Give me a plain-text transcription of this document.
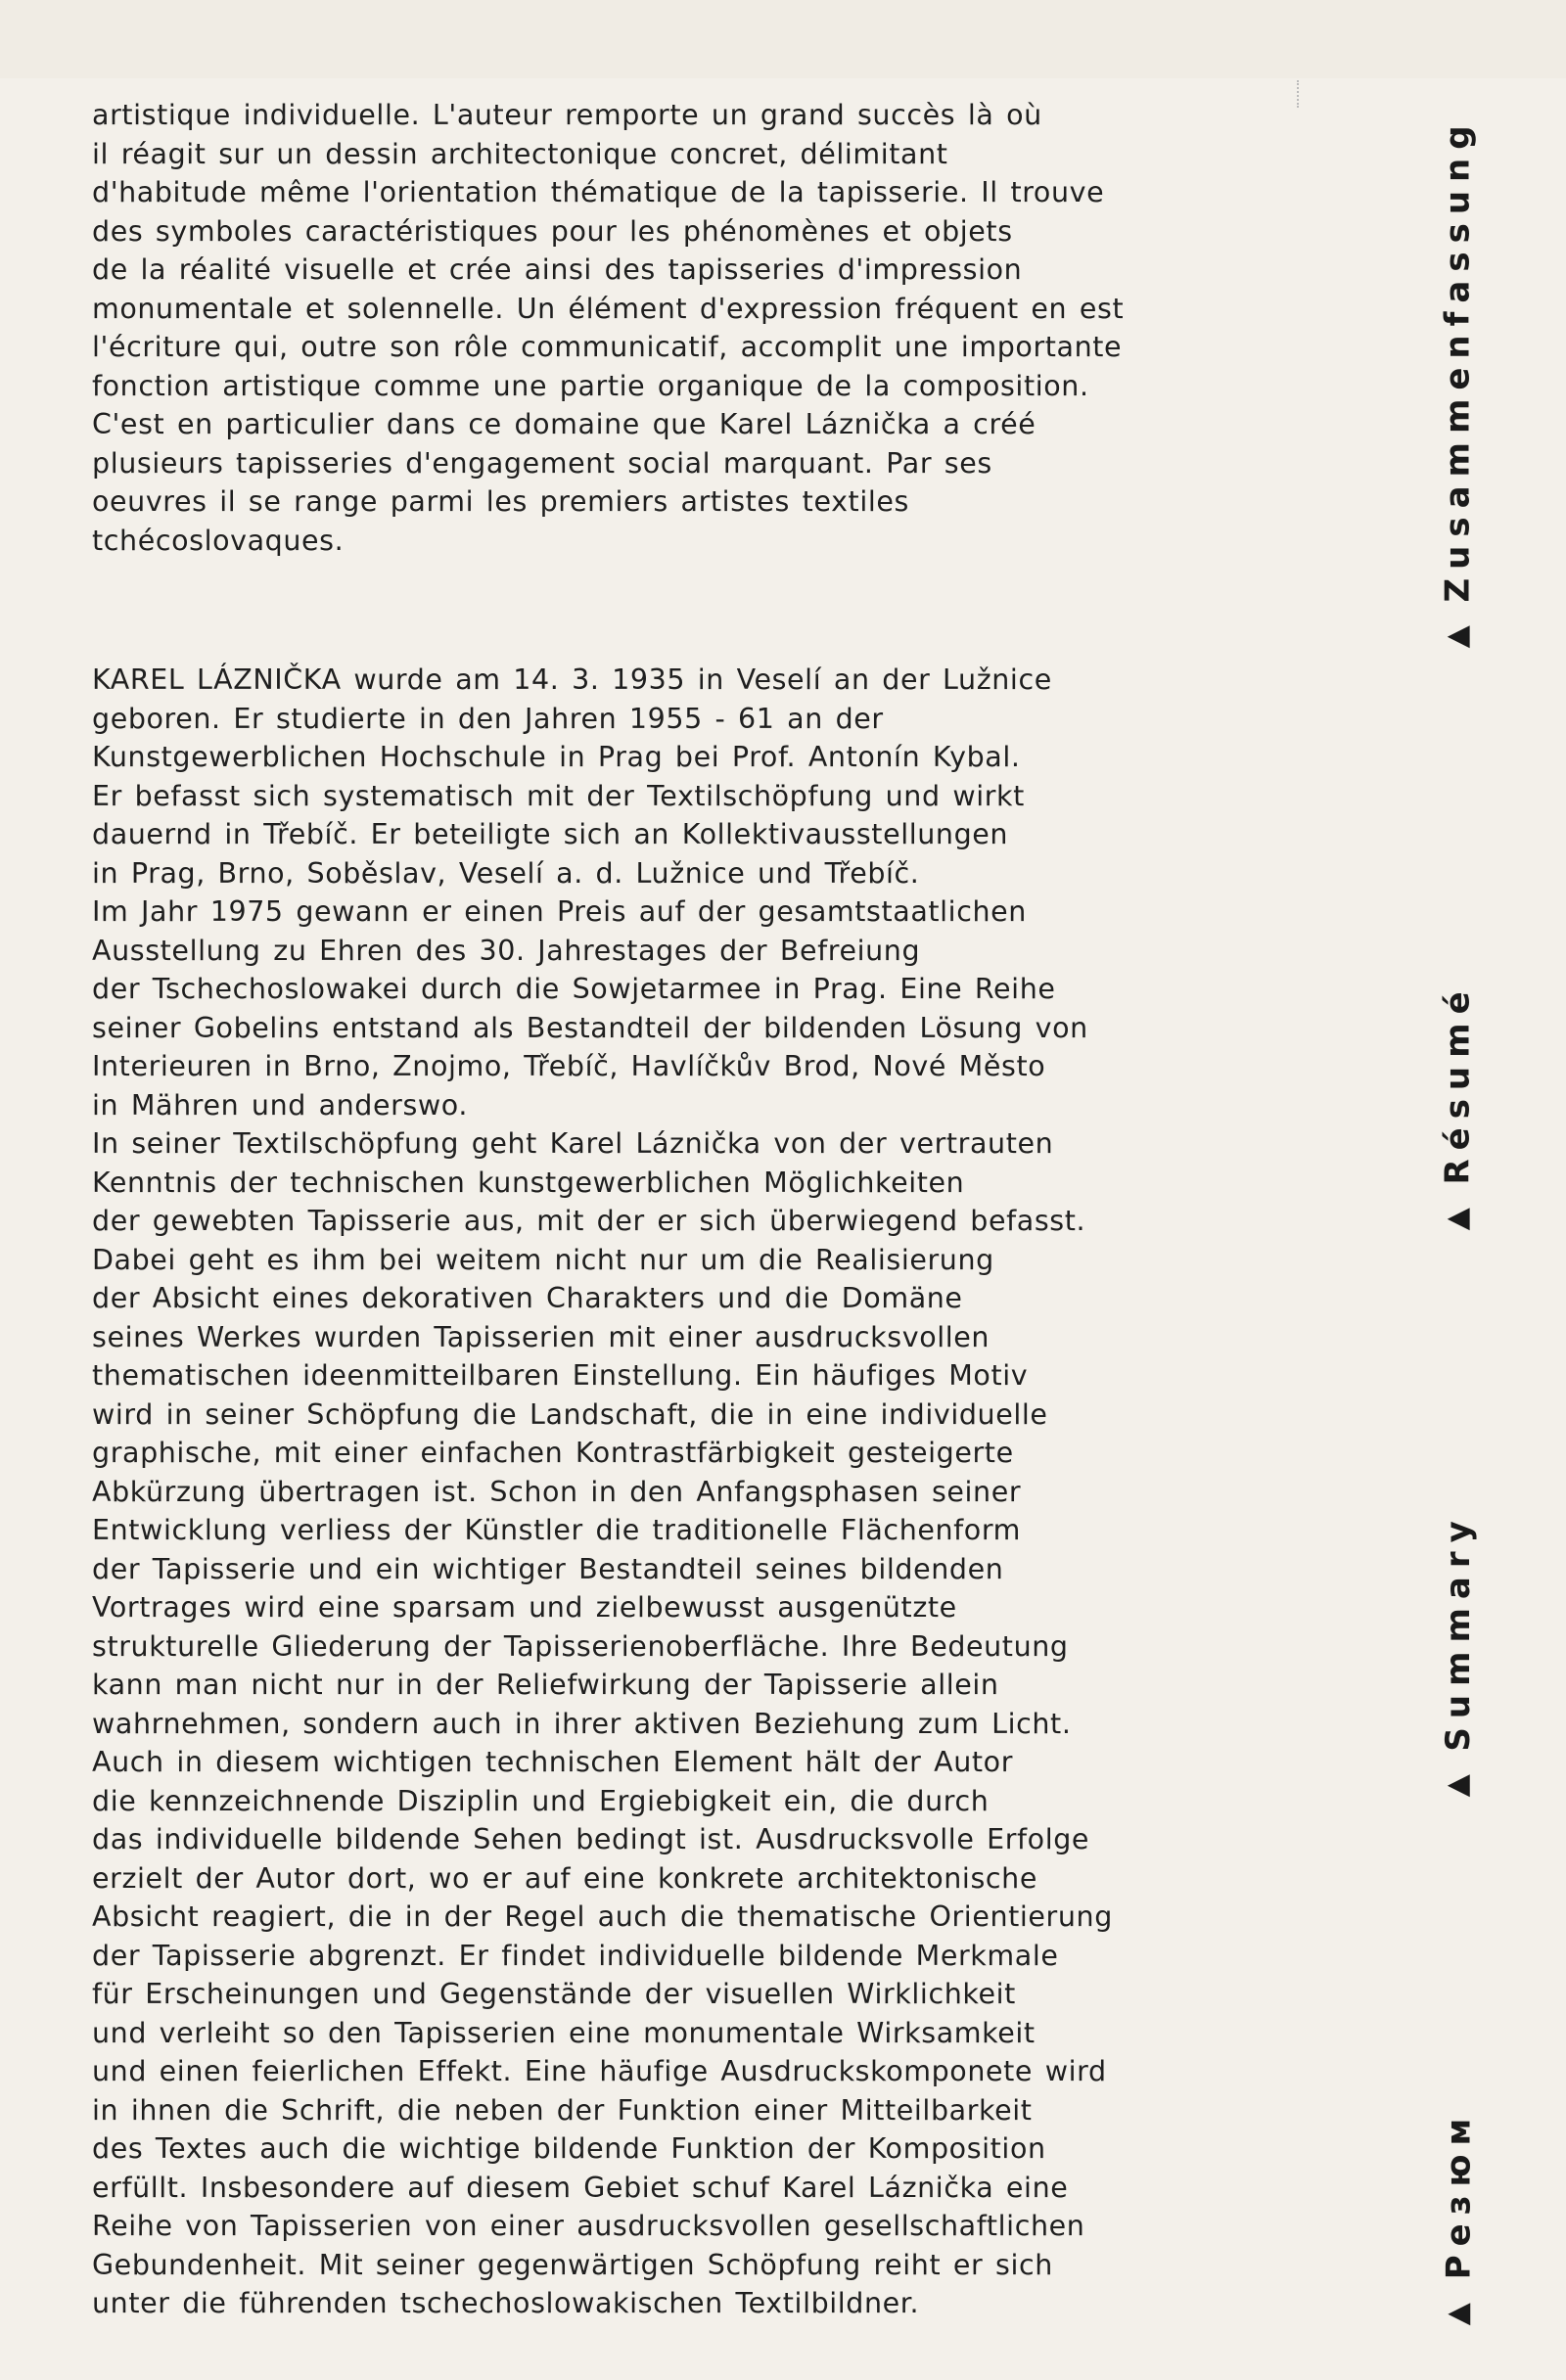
artistique individuelle. L'auteur remporte un grand succès là où
il réagit sur un dessin architectonique concret, délimitant
d'habitude même l'orientation thématique de la tapisserie. Il trouve
des symboles caractéristiques pour les phénomènes et objets
de la réalité visuelle et crée ainsi des tapisseries d'impression
monumentale et solennelle. Un élément d'expression fréquent en est
l'écriture qui, outre son rôle communicatif, accomplit une importante
fonction artistique comme une partie organique de la composition.
C'est en particulier dans ce domaine que Karel Láznička a créé
plusieurs tapisseries d'engagement social marquant. Par ses
oeuvres il se range parmi les premiers artistes textiles
tchécoslovaques.
KAREL LÁZNIČKA wurde am 14. 3. 1935 in Veselí an der Lužnice
geboren. Er studierte in den Jahren 1955 - 61 an der
Kunstgewerblichen Hochschule in Prag bei Prof. Antonín Kybal.
Er befasst sich systematisch mit der Textilschöpfung und wirkt
dauernd in Třebíč. Er beteiligte sich an Kollektivausstellungen
in Prag, Brno, Soběslav, Veselí a. d. Lužnice und Třebíč.
Im Jahr 1975 gewann er einen Preis auf der gesamtstaatlichen
Ausstellung zu Ehren des 30. Jahrestages der Befreiung
der Tschechoslowakei durch die Sowjetarmee in Prag. Eine Reihe
seiner Gobelins entstand als Bestandteil der bildenden Lösung von
Interieuren in Brno, Znojmo, Třebíč, Havlíčkův Brod, Nové Město
in Mähren und anderswo.
In seiner Textilschöpfung geht Karel Láznička von der vertrauten
Kenntnis der technischen kunstgewerblichen Möglichkeiten
der gewebten Tapisserie aus, mit der er sich überwiegend befasst.
Dabei geht es ihm bei weitem nicht nur um die Realisierung
der Absicht eines dekorativen Charakters und die Domäne
seines Werkes wurden Tapisserien mit einer ausdrucksvollen
thematischen ideenmitteilbaren Einstellung. Ein häufiges Motiv
wird in seiner Schöpfung die Landschaft, die in eine individuelle
graphische, mit einer einfachen Kontrastfärbigkeit gesteigerte
Abkürzung übertragen ist. Schon in den Anfangsphasen seiner
Entwicklung verliess der Künstler die traditionelle Flächenform
der Tapisserie und ein wichtiger Bestandteil seines bildenden
Vortrages wird eine sparsam und zielbewusst ausgenützte
strukturelle Gliederung der Tapisserienoberfläche. Ihre Bedeutung
kann man nicht nur in der Reliefwirkung der Tapisserie allein
wahrnehmen, sondern auch in ihrer aktiven Beziehung zum Licht.
Auch in diesem wichtigen technischen Element hält der Autor
die kennzeichnende Disziplin und Ergiebigkeit ein, die durch
das individuelle bildende Sehen bedingt ist. Ausdrucksvolle Erfolge
erzielt der Autor dort, wo er auf eine konkrete architektonische
Absicht reagiert, die in der Regel auch die thematische Orientierung
der Tapisserie abgrenzt. Er findet individuelle bildende Merkmale
für Erscheinungen und Gegenstände der visuellen Wirklichkeit
und verleiht so den Tapisserien eine monumentale Wirksamkeit
und einen feierlichen Effekt. Eine häufige Ausdruckskomponete wird
in ihnen die Schrift, die neben der Funktion einer Mitteilbarkeit
des Textes auch die wichtige bildende Funktion der Komposition
erfüllt. Insbesondere auf diesem Gebiet schuf Karel Láznička eine
Reihe von Tapisserien von einer ausdrucksvollen gesellschaftlichen
Gebundenheit. Mit seiner gegenwärtigen Schöpfung reiht er sich
unter die führenden tschechoslowakischen Textilbildner.
◀
Zusammenfassung
◀
Résumé
◀
Summary
◀
Резюм
